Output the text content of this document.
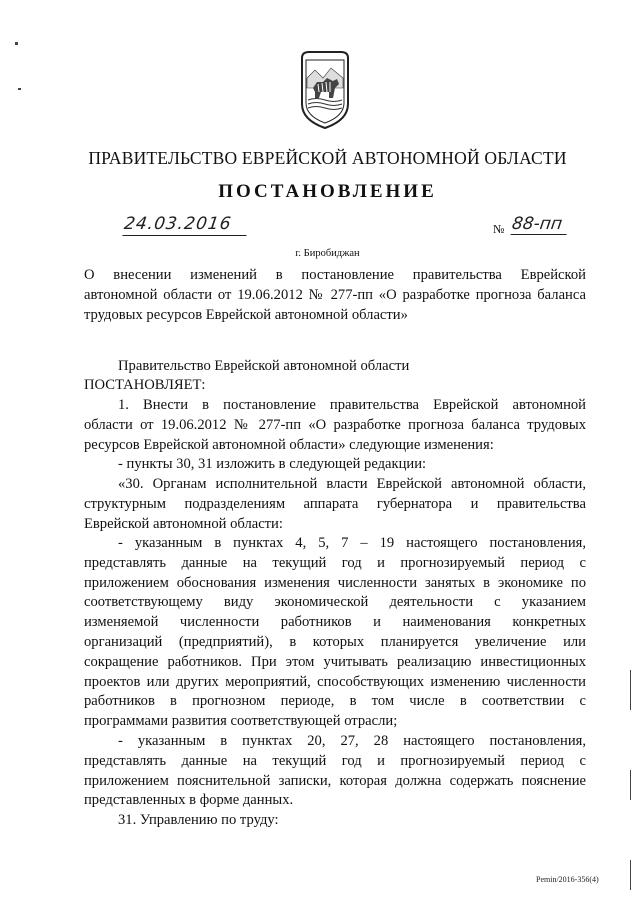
ПРАВИТЕЛЬСТВО ЕВРЕЙСКОЙ АВТОНОМНОЙ ОБЛАСТИ
ПОСТАНОВЛЕНИЕ
24.03.2016	№ 88-пп
г. Биробиджан
О внесении изменений в постановление правительства Еврейской
автономной области от 19.06.2012 № 277-пп «О разработке прогноза баланса
трудовых ресурсов Еврейской автономной области»
Правительство Еврейской автономной области
ПОСТАНОВЛЯЕТ:
1. Внести в постановление правительства Еврейской автономной
области от 19.06.2012 № 277-пп «О разработке прогноза баланса трудовых
ресурсов Еврейской автономной области» следующие изменения:
- пункты 30, 31 изложить в следующей редакции:
«30. Органам исполнительной власти Еврейской автономной области,
структурным подразделениям аппарата губернатора и правительства
Еврейской автономной области:
- указанным в пунктах 4, 5, 7 – 19 настоящего постановления,
представлять данные на текущий год и прогнозируемый период с
приложением обоснования изменения численности занятых в экономике по
соответствующему виду экономической деятельности с указанием
изменяемой численности работников и наименования конкретных
организаций (предприятий), в которых планируется увеличение или
сокращение работников. При этом учитывать реализацию инвестиционных
проектов или других мероприятий, способствующих изменению численности
работников в прогнозном периоде, в том числе в соответствии с
программами развития соответствующей отрасли;
- указанным в пунктах 20, 27, 28 настоящего постановления,
представлять данные на текущий год и прогнозируемый период с
приложением пояснительной записки, которая должна содержать пояснение
представленных в форме данных.
31. Управлению по труду:
Pemin/2016-356(4)
